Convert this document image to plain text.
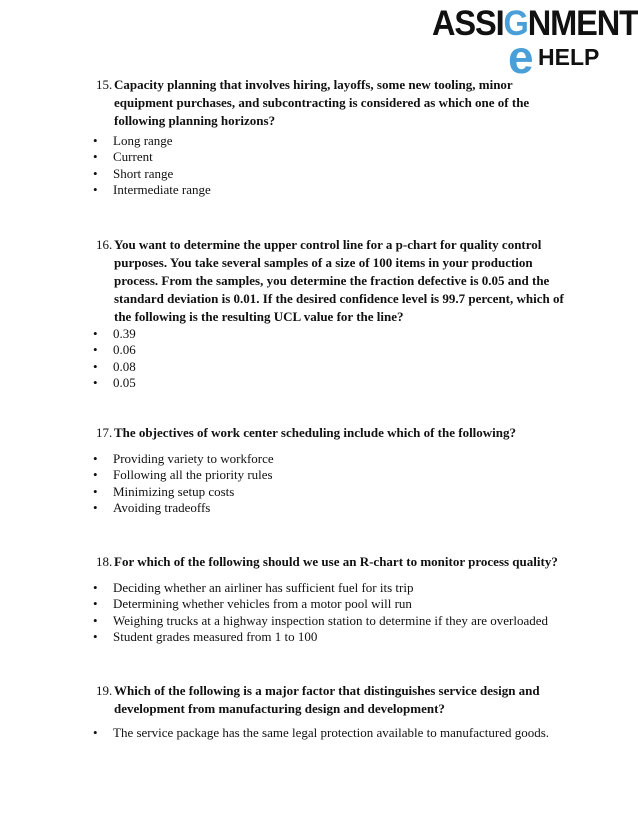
ASSIGNMENT
e HELP
15. Capacity planning that involves hiring, layoffs, some new tooling, minor equipment purchases, and subcontracting is considered as which one of the following planning horizons?
• Long range
• Current
• Short range
• Intermediate range
16. You want to determine the upper control line for a p-chart for quality control purposes. You take several samples of a size of 100 items in your production process. From the samples, you determine the fraction defective is 0.05 and the standard deviation is 0.01. If the desired confidence level is 99.7 percent, which of the following is the resulting UCL value for the line?
• 0.39
• 0.06
• 0.08
• 0.05
17. The objectives of work center scheduling include which of the following?
• Providing variety to workforce
• Following all the priority rules
• Minimizing setup costs
• Avoiding tradeoffs
18. For which of the following should we use an R-chart to monitor process quality?
• Deciding whether an airliner has sufficient fuel for its trip
• Determining whether vehicles from a motor pool will run
• Weighing trucks at a highway inspection station to determine if they are overloaded
• Student grades measured from 1 to 100
19. Which of the following is a major factor that distinguishes service design and development from manufacturing design and development?
• The service package has the same legal protection available to manufactured goods.
